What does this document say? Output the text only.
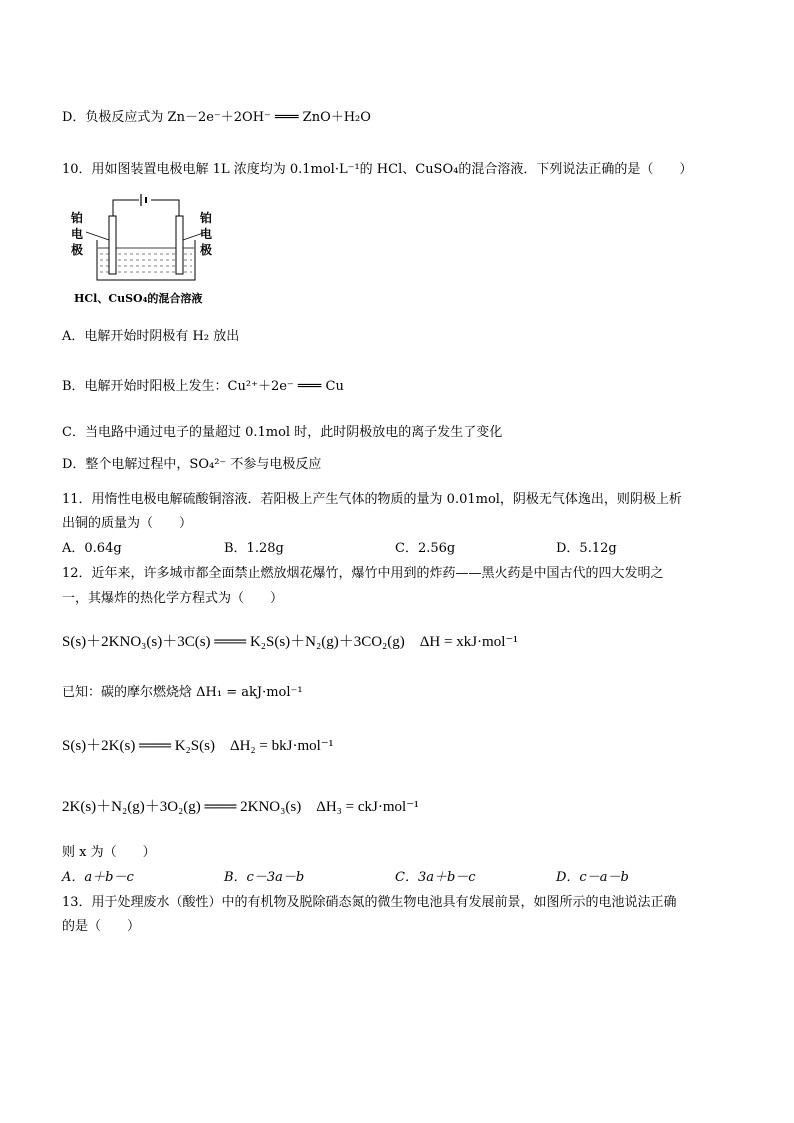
D．负极反应式为 Zn－2e⁻＋2OH⁻ ═══ ZnO＋H₂O
10．用如图装置电极电解 1L 浓度均为 0.1mol·L⁻¹的 HCl、CuSO₄的混合溶液．下列说法正确的是（　　）
铂
电
极
铂
电
极
HCl、CuSO₄的混合溶液
A．电解开始时阴极有 H₂ 放出
B．电解开始时阳极上发生：Cu²⁺＋2e⁻ ═══ Cu
C．当电路中通过电子的量超过 0.1mol 时，此时阴极放电的离子发生了变化
D．整个电解过程中，SO₄²⁻ 不参与电极反应
11．用惰性电极电解硫酸铜溶液．若阳极上产生气体的物质的量为 0.01mol，阴极无气体逸出，则阴极上析
出铜的质量为（　　）
A．0.64g	B．1.28g	C．2.56g	D．5.12g
12．近年来，许多城市都全面禁止燃放烟花爆竹，爆竹中用到的炸药——黑火药是中国古代的四大发明之
一，其爆炸的热化学方程式为（　　）
S(s)＋2KNO₃(s)＋3C(s) ═══ K₂S(s)＋N₂(g)＋3CO₂(g)　ΔH = xkJ·mol⁻¹
已知：碳的摩尔燃烧焓 ΔH₁ = akJ·mol⁻¹
S(s)＋2K(s) ═══ K₂S(s)　ΔH₂ = bkJ·mol⁻¹
2K(s)＋N₂(g)＋3O₂(g) ═══ 2KNO₃(s)　ΔH₃ = ckJ·mol⁻¹
则 x 为（　　）
A．a＋b－c	B．c－3a－b	C．3a＋b－c	D．c－a－b
13．用于处理废水（酸性）中的有机物及脱除硝态氮的微生物电池具有发展前景，如图所示的电池说法正确
的是（　　）
